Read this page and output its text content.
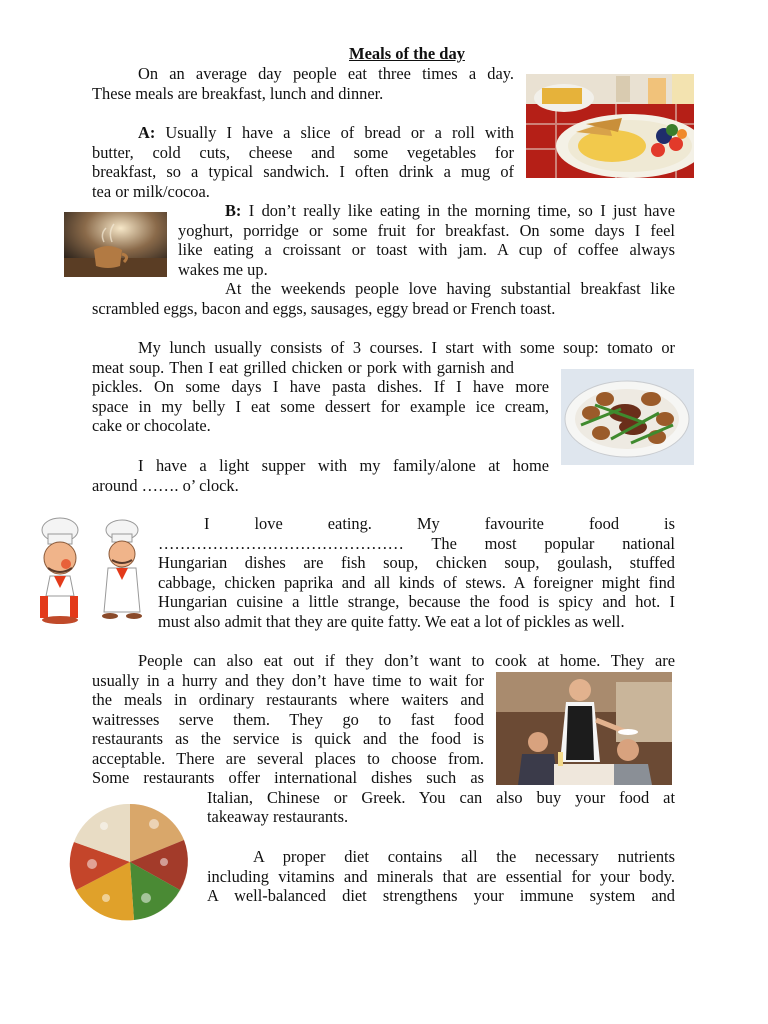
Meals of the day
On an average day people eat three times a day.
These meals are breakfast, lunch and dinner.
A: Usually I have a slice of bread or a roll with
butter, cold cuts, cheese and some vegetables for
breakfast, so a typical sandwich. I often drink a mug of
tea or milk/cocoa.
B: I don’t really like eating in the morning time, so I just have
yoghurt, porridge or some fruit for breakfast. On some days I feel
like eating a croissant or toast with jam. A cup of coffee always
wakes me up.
At the weekends people love having substantial breakfast like
scrambled eggs, bacon and eggs, sausages, eggy bread or French toast.
My lunch usually consists of 3 courses. I start with some soup: tomato or
meat soup. Then I eat grilled chicken or pork with garnish and
pickles. On some days I have pasta dishes. If I have more
space in my belly I eat some dessert for example ice cream,
cake or chocolate.
I have a light supper with my family/alone at home
around ……. o’ clock.
I love eating. My favourite food is
……………………………………… The most popular national
Hungarian dishes are fish soup, chicken soup, goulash, stuffed
cabbage, chicken paprika and all kinds of stews. A foreigner might find
Hungarian cuisine a little strange, because the food is spicy and hot. I
must also admit that they are quite fatty. We eat a lot of pickles as well.
People can also eat out if they don’t want to cook at home. They are
usually in a hurry and they don’t have time to wait for
the meals in ordinary restaurants where waiters and
waitresses serve them. They go to fast food
restaurants as the service is quick and the food is
acceptable. There are several places to choose from.
Some restaurants offer international dishes such as
Italian, Chinese or Greek. You can also buy your food at
takeaway restaurants.
A proper diet contains all the necessary nutrients
including vitamins and minerals that are essential for your body.
A well-balanced diet strengthens your immune system and
